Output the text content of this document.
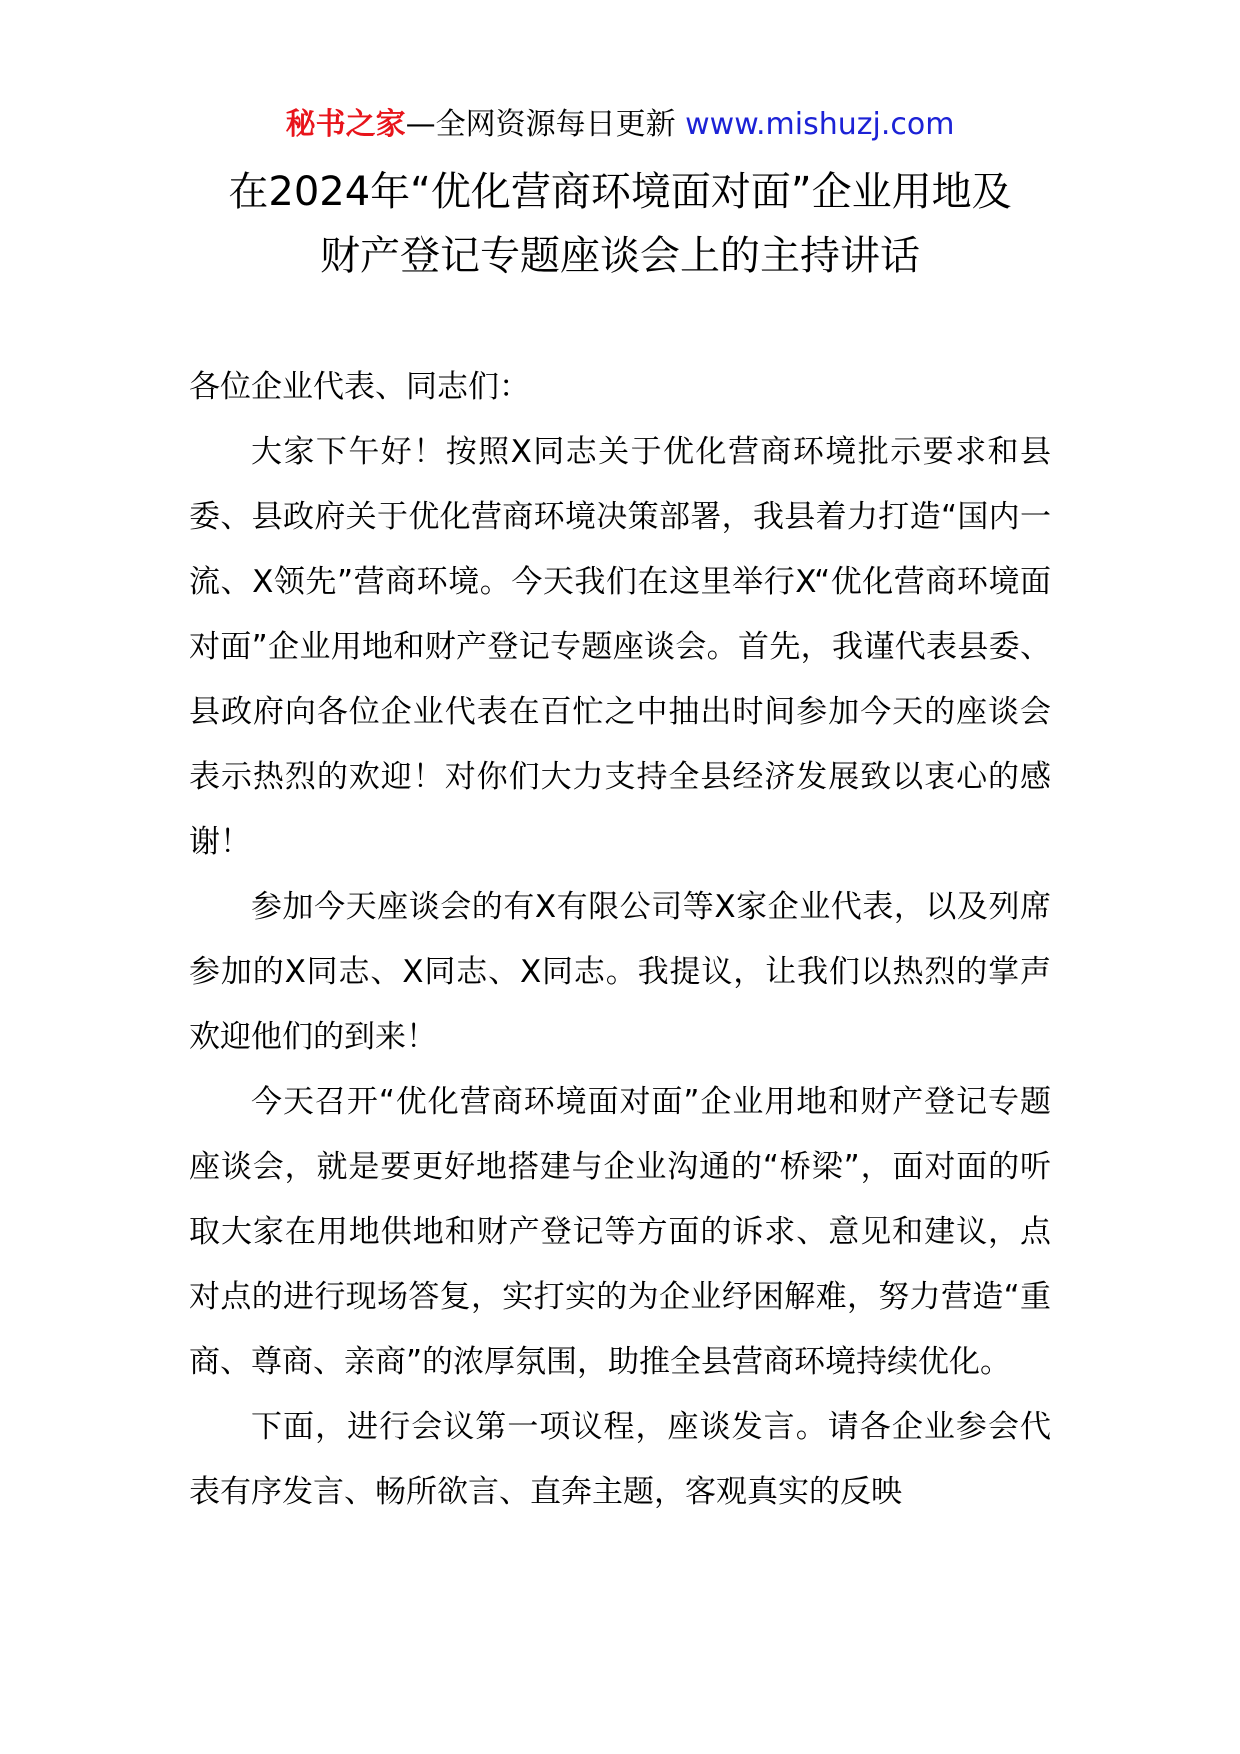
秘书之家—全网资源每日更新 www.mishuzj.com
在2024年“优化营商环境面对面”企业用地及
财产登记专题座谈会上的主持讲话

各位企业代表、同志们：

大家下午好！按照X同志关于优化营商环境批示要求和县委、县政府关于优化营商环境决策部署，我县着力打造“国内一流、X领先”营商环境。今天我们在这里举行X“优化营商环境面对面”企业用地和财产登记专题座谈会。首先，我谨代表县委、县政府向各位企业代表在百忙之中抽出时间参加今天的座谈会表示热烈的欢迎！对你们大力支持全县经济发展致以衷心的感谢！

参加今天座谈会的有X有限公司等X家企业代表，以及列席参加的X同志、X同志、X同志。我提议，让我们以热烈的掌声欢迎他们的到来！

今天召开“优化营商环境面对面”企业用地和财产登记专题座谈会，就是要更好地搭建与企业沟通的“桥梁”，面对面的听取大家在用地供地和财产登记等方面的诉求、意见和建议，点对点的进行现场答复，实打实的为企业纾困解难，努力营造“重商、尊商、亲商”的浓厚氛围，助推全县营商环境持续优化。

下面，进行会议第一项议程，座谈发言。请各企业参会代表有序发言、畅所欲言、直奔主题，客观真实的反映
